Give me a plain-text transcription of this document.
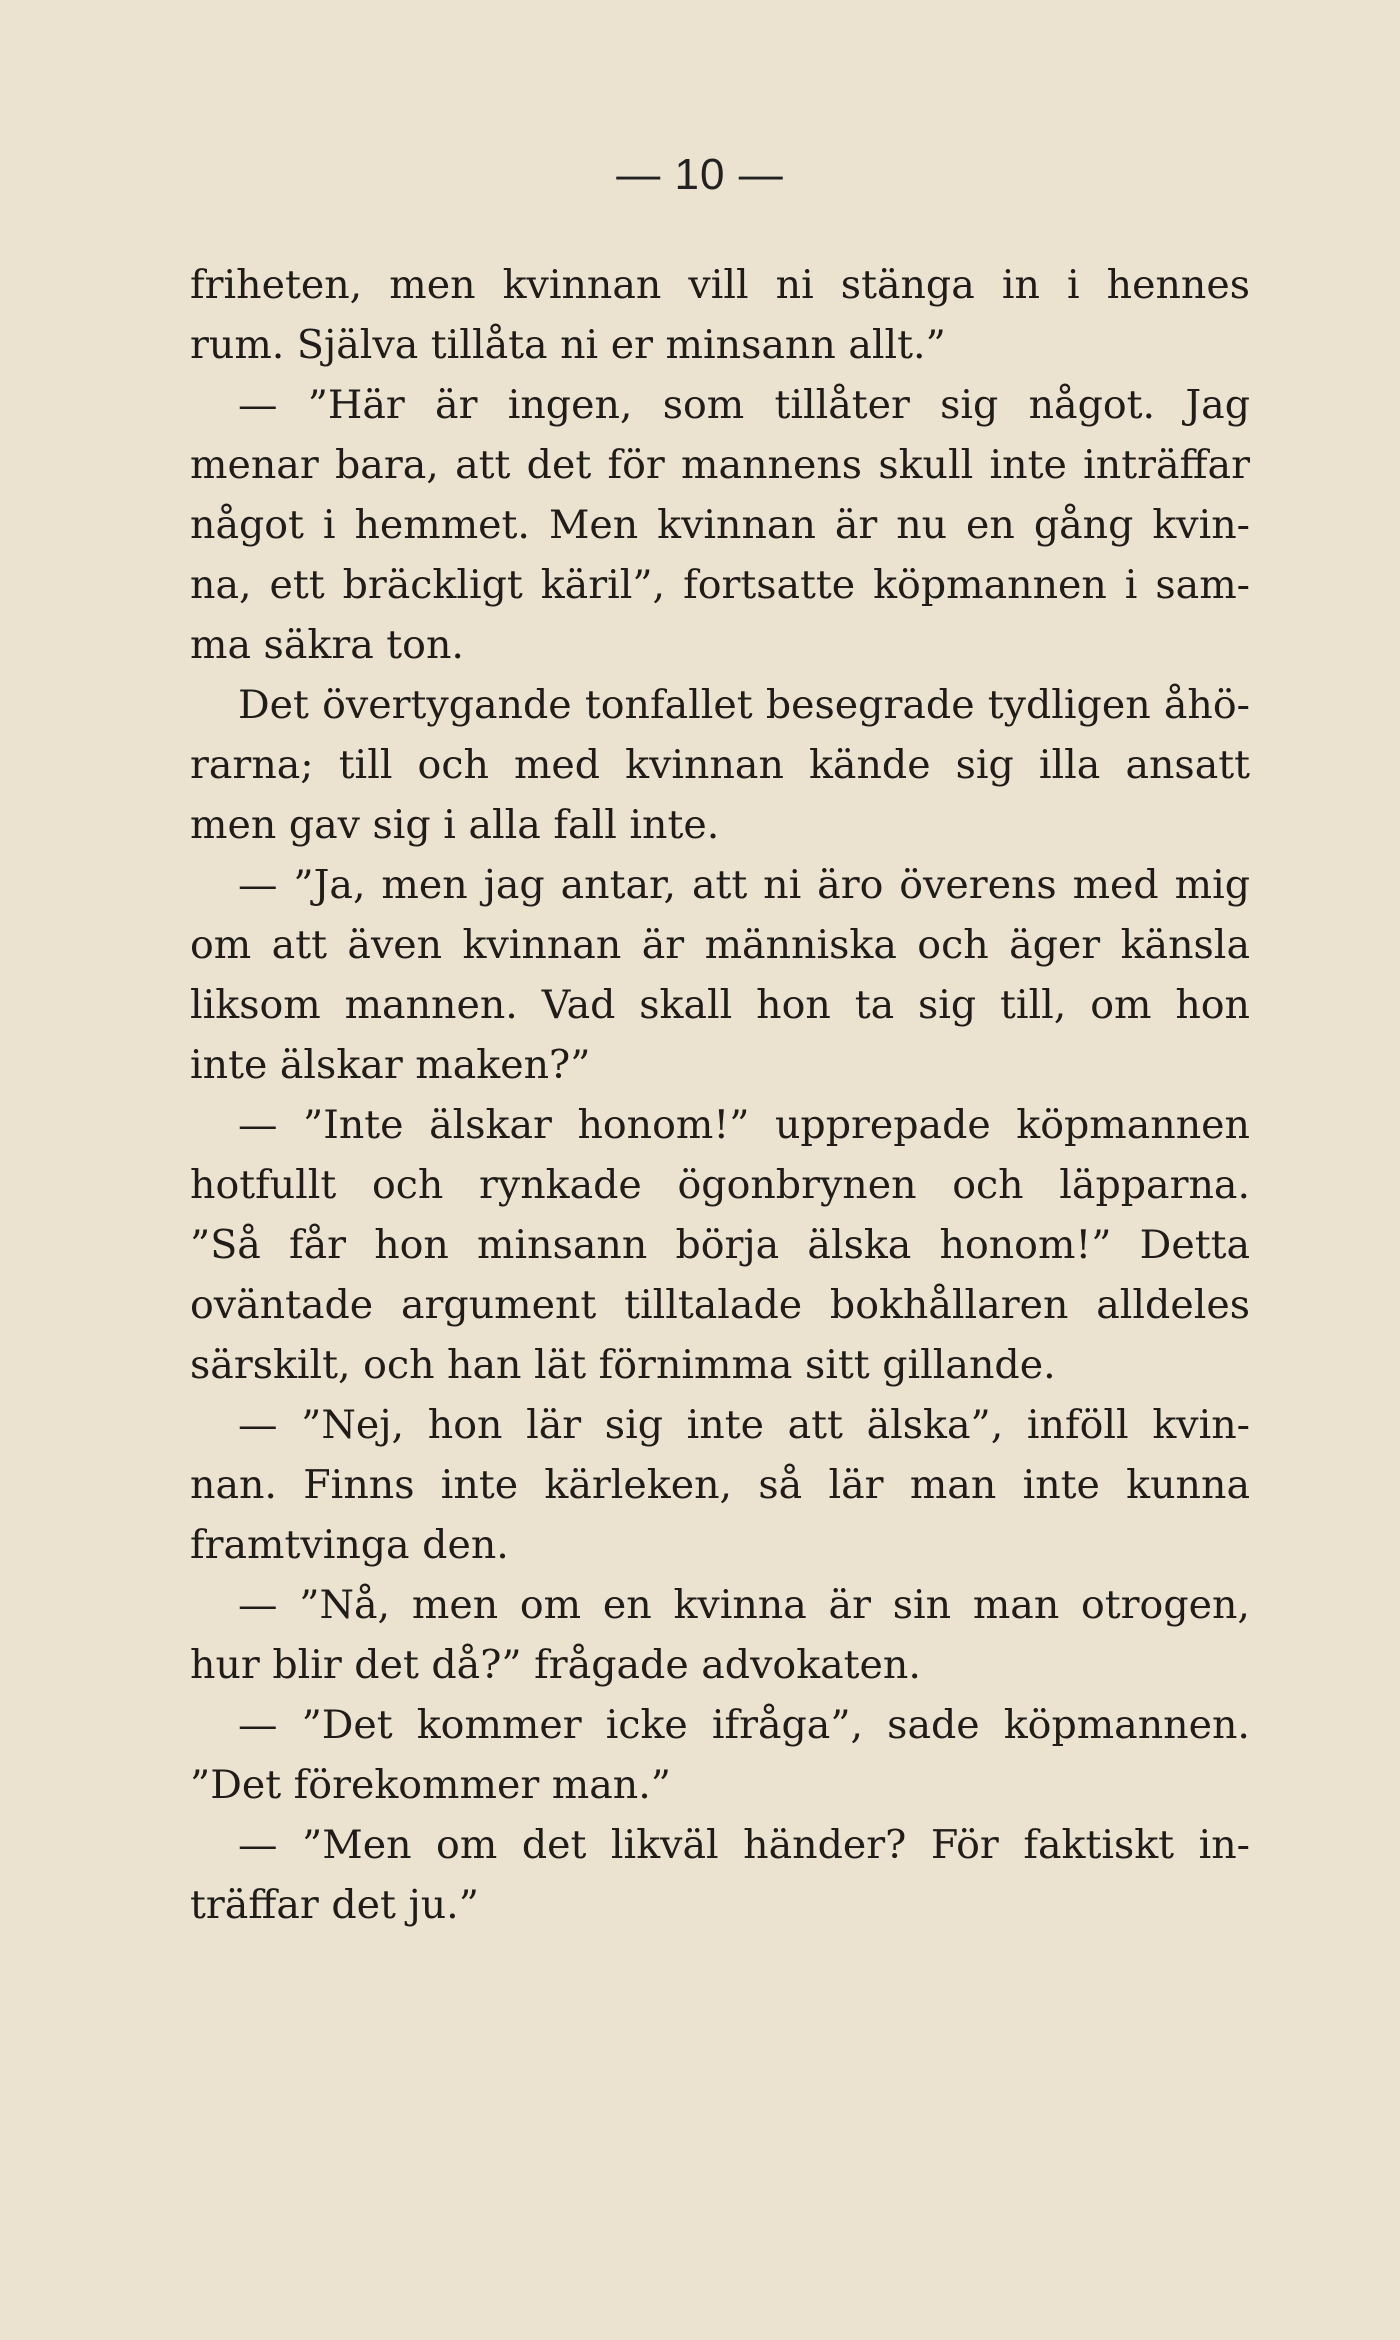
— 10 —
friheten, men kvinnan vill ni stänga in i hennes
rum. Själva tillåta ni er minsann allt.”
— ”Här är ingen, som tillåter sig något. Jag
menar bara, att det för mannens skull inte inträffar
något i hemmet. Men kvinnan är nu en gång kvin-
na, ett bräckligt käril”, fortsatte köpmannen i sam-
ma säkra ton.
Det övertygande tonfallet besegrade tydligen åhö-
rarna; till och med kvinnan kände sig illa ansatt
men gav sig i alla fall inte.
— ”Ja, men jag antar, att ni äro överens med mig
om att även kvinnan är människa och äger känsla
liksom mannen. Vad skall hon ta sig till, om hon
inte älskar maken?”
— ”Inte älskar honom!” upprepade köpmannen
hotfullt och rynkade ögonbrynen och läpparna.
”Så får hon minsann börja älska honom!” Detta
oväntade argument tilltalade bokhållaren alldeles
särskilt, och han lät förnimma sitt gillande.
— ”Nej, hon lär sig inte att älska”, inföll kvin-
nan. Finns inte kärleken, så lär man inte kunna
framtvinga den.
— ”Nå, men om en kvinna är sin man otrogen,
hur blir det då?” frågade advokaten.
— ”Det kommer icke ifråga”, sade köpmannen.
”Det förekommer man.”
— ”Men om det likväl händer? För faktiskt in-
träffar det ju.”
